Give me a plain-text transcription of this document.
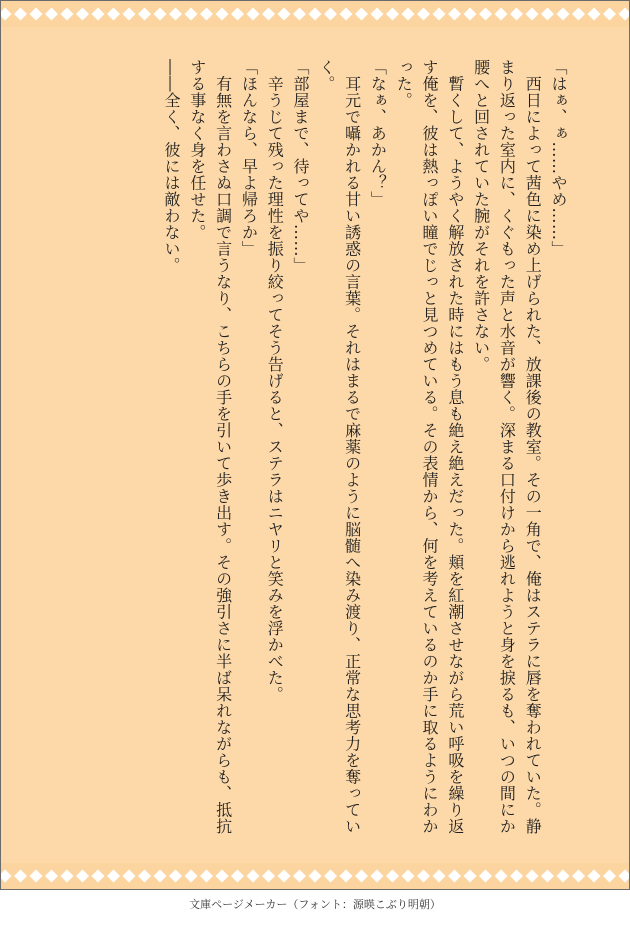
「はぁ、ぁ……やめ……」

　西日によって茜色に染め上げられた、放課後の教室。その一角で、俺はステラに唇を奪われていた。静まり返った室内に、くぐもった声と水音が響く。深まる口付けから逃れようと身を捩るも、いつの間にか腰へと回されていた腕がそれを許さない。

　暫くして、ようやく解放された時にはもう息も絶え絶えだった。頬を紅潮させながら荒い呼吸を繰り返す俺を、彼は熱っぽい瞳でじっと見つめている。その表情から、何を考えているのか手に取るようにわかった。

「なぁ、あかん？」

　耳元で囁かれる甘い誘惑の言葉。それはまるで麻薬のように脳髄へ染み渡り、正常な思考力を奪っていく。

「部屋まで、待ってや……」

　辛うじて残った理性を振り絞ってそう告げると、ステラはニヤリと笑みを浮かべた。

「ほんなら、早よ帰ろか」

　有無を言わさぬ口調で言うなり、こちらの手を引いて歩き出す。その強引さに半ば呆れながらも、抵抗する事なく身を任せた。

――全く、彼には敵わない。

文庫ページメーカー（フォント：源暎こぶり明朝）
